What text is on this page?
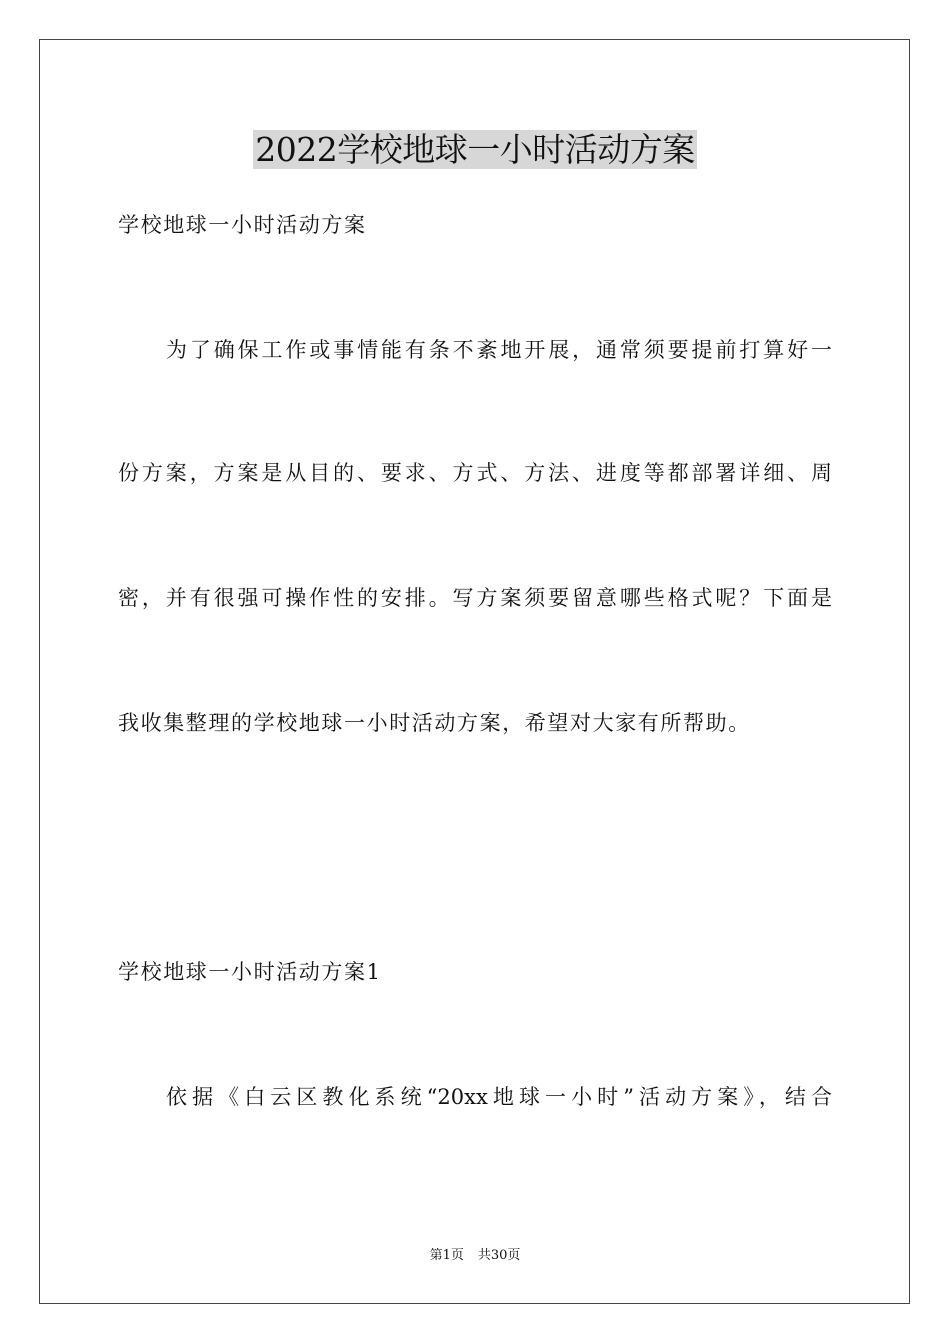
2022学校地球一小时活动方案

学校地球一小时活动方案

为了确保工作或事情能有条不紊地开展，通常须要提前打算好一

份方案，方案是从目的、要求、方式、方法、进度等都部署详细、周

密，并有很强可操作性的安排。写方案须要留意哪些格式呢？下面是

我收集整理的学校地球一小时活动方案，希望对大家有所帮助。

学校地球一小时活动方案1

依据《白云区教化系统“20xx地球一小时”活动方案》，结合

第1页 共30页
